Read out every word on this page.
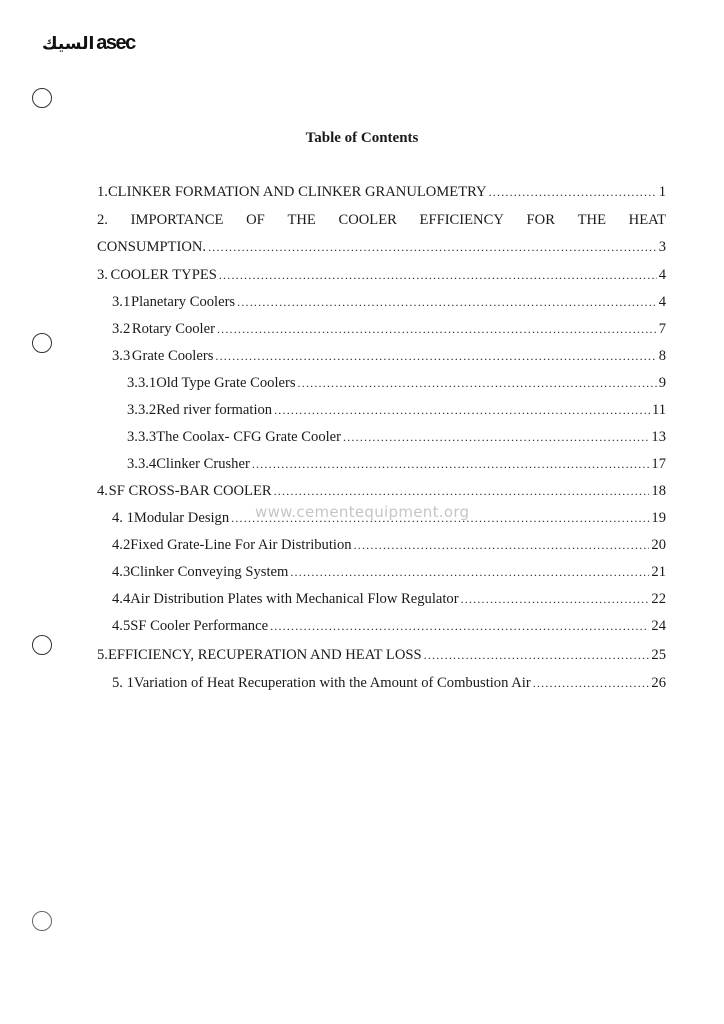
السيك asec
Table of Contents
1. CLINKER FORMATION AND CLINKER GRANULOMETRY .....	1
2. IMPORTANCE OF THE COOLER EFFICIENCY FOR THE HEAT
CONSUMPTION. .....	3
3. COOLER TYPES .....	4
3.1 Planetary Coolers .....	4
3.2 Rotary Cooler .....	7
3.3 Grate Coolers .....	8
3.3.1 Old Type Grate Coolers .....	9
3.3.2 Red river formation .....	11
3.3.3 The Coolax- CFG Grate Cooler .....	13
3.3.4 Clinker Crusher .....	17
4. SF CROSS-BAR COOLER .....	18
4. 1 Modular Design .....	19
4.2 Fixed Grate-Line For Air Distribution .....	20
4.3 Clinker Conveying System .....	21
4.4 Air Distribution Plates with Mechanical Flow Regulator .....	22
4.5 SF Cooler Performance .....	24
5. EFFICIENCY, RECUPERATION AND HEAT LOSS .....	25
5. 1 Variation of Heat Recuperation with the Amount of Combustion Air .....	26
www.cementequipment.org
